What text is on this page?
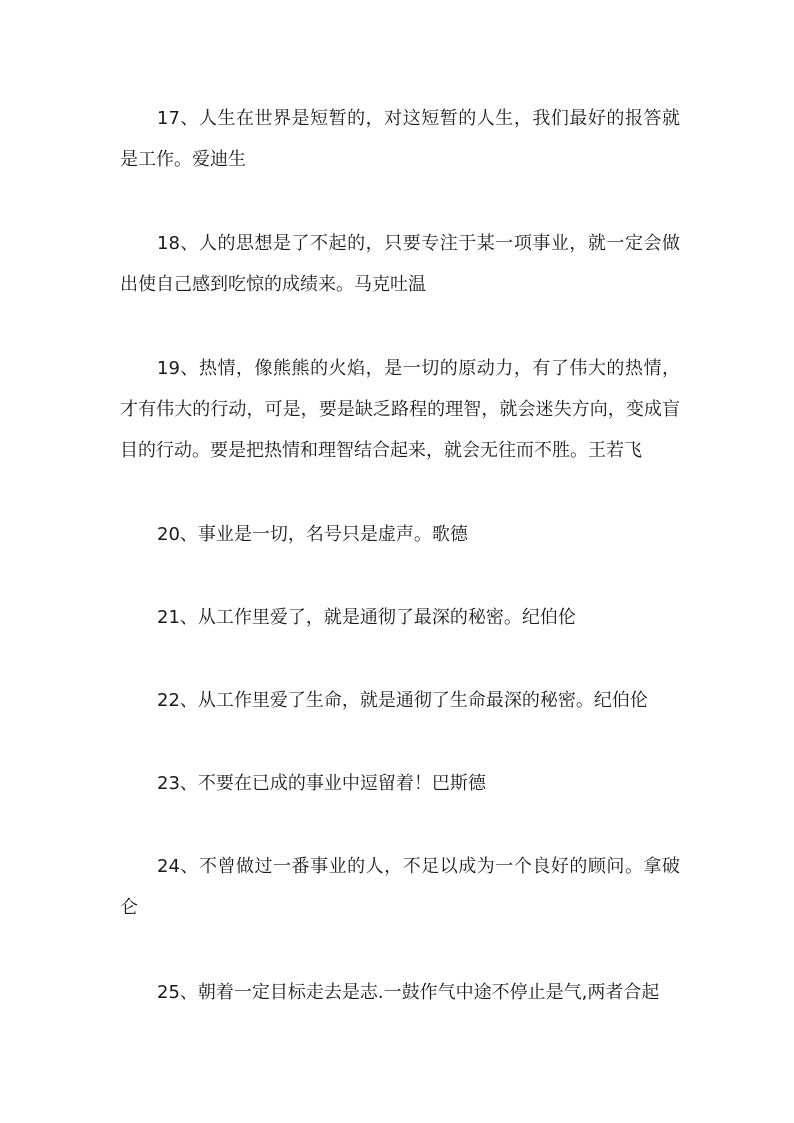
17、人生在世界是短暂的，对这短暂的人生，我们最好的报答就是工作。爱迪生

18、人的思想是了不起的，只要专注于某一项事业，就一定会做出使自己感到吃惊的成绩来。马克吐温

19、热情，像熊熊的火焰，是一切的原动力，有了伟大的热情，才有伟大的行动，可是，要是缺乏路程的理智，就会迷失方向，变成盲目的行动。要是把热情和理智结合起来，就会无往而不胜。王若飞

20、事业是一切，名号只是虚声。歌德

21、从工作里爱了，就是通彻了最深的秘密。纪伯伦

22、从工作里爱了生命，就是通彻了生命最深的秘密。纪伯伦

23、不要在已成的事业中逗留着！巴斯德

24、不曾做过一番事业的人，不足以成为一个良好的顾问。拿破仑

25、朝着一定目标走去是志.一鼓作气中途不停止是气,两者合起
